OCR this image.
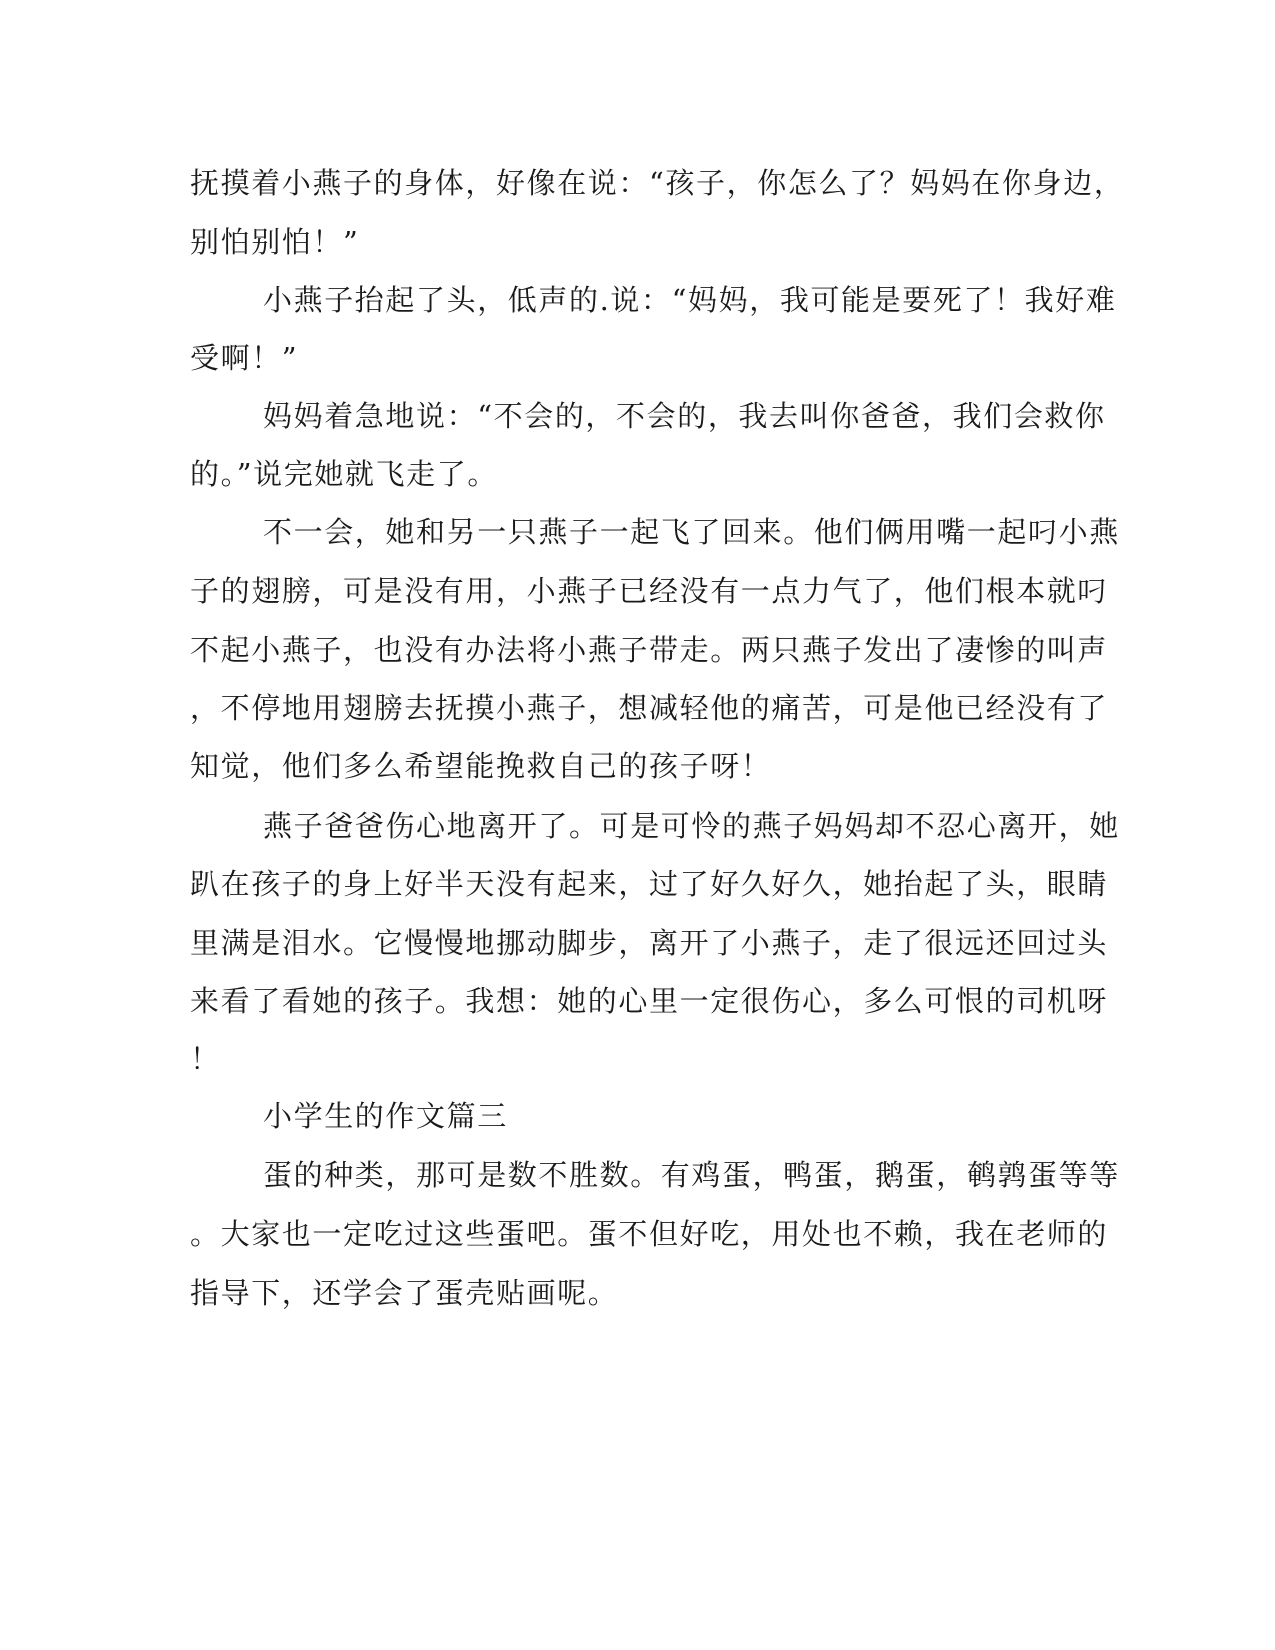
抚摸着小燕子的身体，好像在说：“孩子，你怎么了？妈妈在你身边，

别怕别怕！”

小燕子抬起了头，低声的.说：“妈妈，我可能是要死了！我好难

受啊！”

妈妈着急地说：“不会的，不会的，我去叫你爸爸，我们会救你

的。”说完她就飞走了。

不一会，她和另一只燕子一起飞了回来。他们俩用嘴一起叼小燕

子的翅膀，可是没有用，小燕子已经没有一点力气了，他们根本就叼

不起小燕子，也没有办法将小燕子带走。两只燕子发出了凄惨的叫声

，不停地用翅膀去抚摸小燕子，想减轻他的痛苦，可是他已经没有了

知觉，他们多么希望能挽救自己的孩子呀！

燕子爸爸伤心地离开了。可是可怜的燕子妈妈却不忍心离开，她

趴在孩子的身上好半天没有起来，过了好久好久，她抬起了头，眼睛

里满是泪水。它慢慢地挪动脚步，离开了小燕子，走了很远还回过头

来看了看她的孩子。我想：她的心里一定很伤心，多么可恨的司机呀

！

小学生的作文篇三

蛋的种类，那可是数不胜数。有鸡蛋，鸭蛋，鹅蛋，鹌鹑蛋等等

。大家也一定吃过这些蛋吧。蛋不但好吃，用处也不赖，我在老师的

指导下，还学会了蛋壳贴画呢。
